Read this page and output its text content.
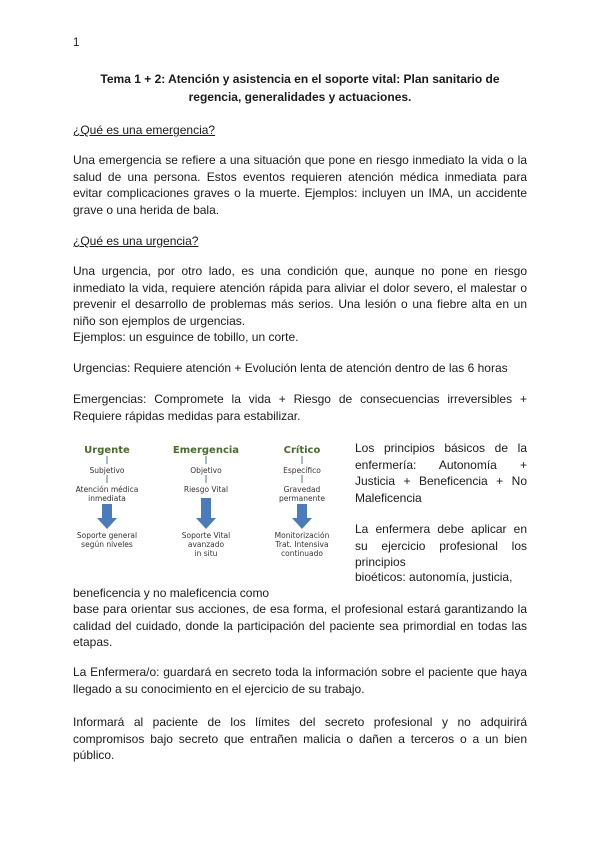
1
Tema 1 + 2: Atención y asistencia en el soporte vital: Plan sanitario de regencia, generalidades y actuaciones.
¿Qué es una emergencia?

Una emergencia se refiere a una situación que pone en riesgo inmediato la vida o la salud de una persona. Estos eventos requieren atención médica inmediata para evitar complicaciones graves o la muerte. Ejemplos: incluyen un IMA, un accidente grave o una herida de bala.

¿Qué es una urgencia?

Una urgencia, por otro lado, es una condición que, aunque no pone en riesgo inmediato la vida, requiere atención rápida para aliviar el dolor severo, el malestar o prevenir el desarrollo de problemas más serios. Una lesión o una fiebre alta en un niño son ejemplos de urgencias.

Ejemplos: un esguince de tobillo, un corte.

Urgencias: Requiere atención + Evolución lenta de atención dentro de las 6 horas

Emergencias: Compromete la vida + Riesgo de consecuencias irreversibles + Requiere rápidas medidas para estabilizar.

Urgente
Subjetivo
Atención médica
inmediata
Soporte general
según niveles
Emergencia
Objetivo
Riesgo Vital
Soporte Vital
avanzado
in situ
Crítico
Específico
Gravedad
permanente
Monitorización
Trat. Intensiva
continuado

Los principios básicos de la enfermería: Autonomía + Justicia + Beneficencia + No Maleficencia

La enfermera debe aplicar en su ejercicio profesional los principios

bioéticos: autonomía, justicia,

beneficencia y no maleficencia como

base para orientar sus acciones, de esa forma, el profesional estará garantizando la calidad del cuidado, donde la participación del paciente sea primordial en todas las etapas.

La Enfermera/o: guardará en secreto toda la información sobre el paciente que haya llegado a su conocimiento en el ejercicio de su trabajo.

Informará al paciente de los límites del secreto profesional y no adquirirá compromisos bajo secreto que entrañen malicia o dañen a terceros o a un bien público.
